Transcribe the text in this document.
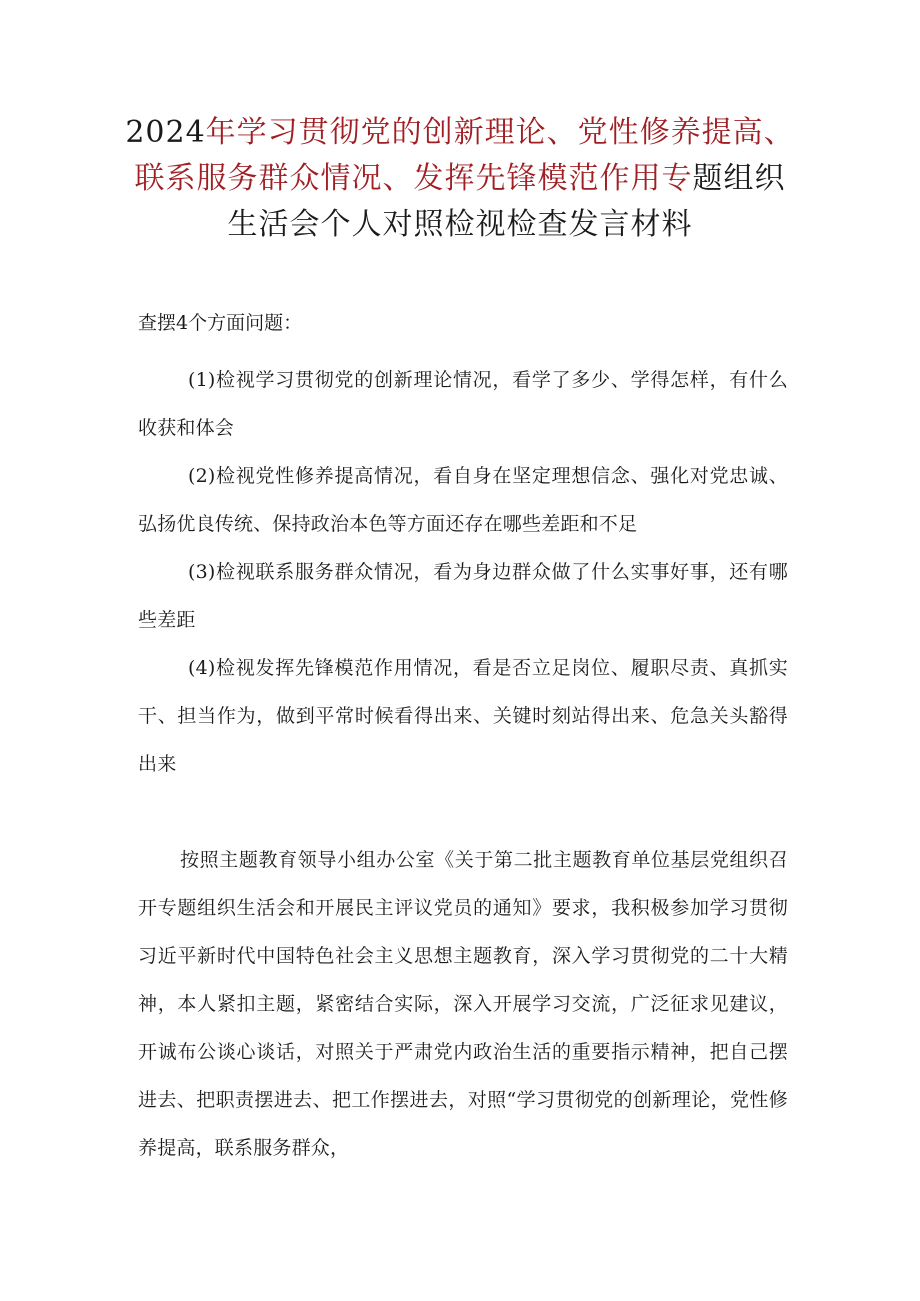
2024年学习贯彻党的创新理论、党性修养提高、联系服务群众情况、发挥先锋模范作用专题组织生活会个人对照检视检查发言材料

查摆4个方面问题：

(1)检视学习贯彻党的创新理论情况，看学了多少、学得怎样，有什么收获和体会

(2)检视党性修养提高情况，看自身在坚定理想信念、强化对党忠诚、弘扬优良传统、保持政治本色等方面还存在哪些差距和不足

(3)检视联系服务群众情况，看为身边群众做了什么实事好事，还有哪些差距

(4)检视发挥先锋模范作用情况，看是否立足岗位、履职尽责、真抓实干、担当作为，做到平常时候看得出来、关键时刻站得出来、危急关头豁得出来

按照主题教育领导小组办公室《关于第二批主题教育单位基层党组织召开专题组织生活会和开展民主评议党员的通知》要求，我积极参加学习贯彻习近平新时代中国特色社会主义思想主题教育，深入学习贯彻党的二十大精神，本人紧扣主题，紧密结合实际，深入开展学习交流，广泛征求见建议，开诚布公谈心谈话，对照关于严肃党内政治生活的重要指示精神，把自己摆进去、把职责摆进去、把工作摆进去，对照“学习贯彻党的创新理论，党性修养提高，联系服务群众，
